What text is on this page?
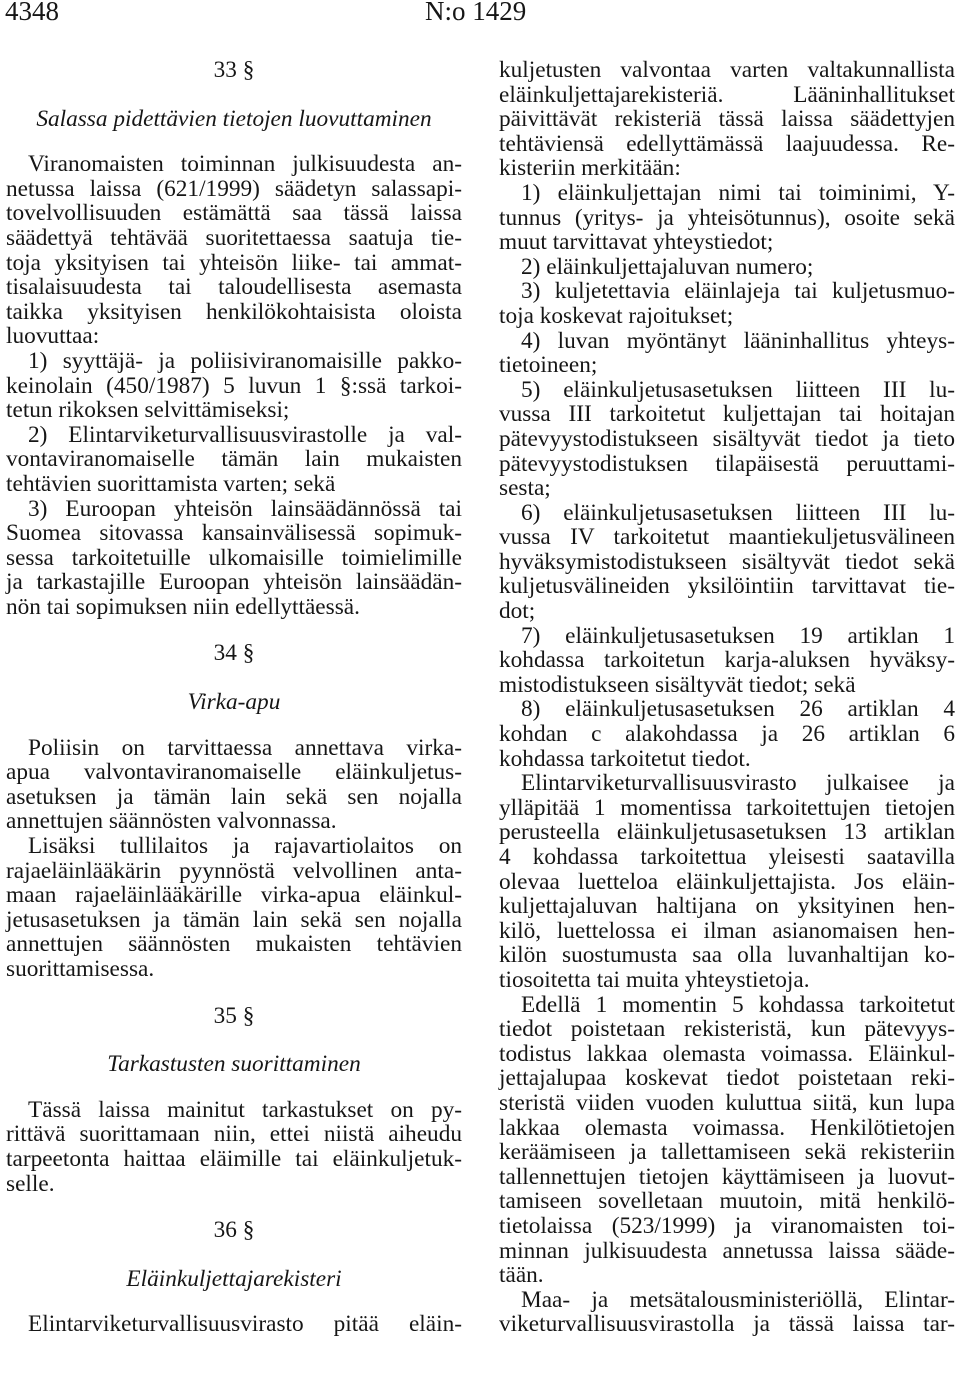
4348	N:o 1429
33 §
Salassa pidettävien tietojen luovuttaminen
Viranomaisten toiminnan julkisuudesta an-
netussa laissa (621/1999) säädetyn salassapi-
tovelvollisuuden estämättä saa tässä laissa
säädettyä tehtävää suoritettaessa saatuja tie-
toja yksityisen tai yhteisön liike- tai ammat-
tisalaisuudesta tai taloudellisesta asemasta
taikka yksityisen henkilökohtaisista oloista
luovuttaa:
1) syyttäjä- ja poliisiviranomaisille pakko-
keinolain (450/1987) 5 luvun 1 §:ssä tarkoi-
tetun rikoksen selvittämiseksi;
2) Elintarviketurvallisuusvirastolle ja val-
vontaviranomaiselle tämän lain mukaisten
tehtävien suorittamista varten; sekä
3) Euroopan yhteisön lainsäädännössä tai
Suomea sitovassa kansainvälisessä sopimuk-
sessa tarkoitetuille ulkomaisille toimielimille
ja tarkastajille Euroopan yhteisön lainsäädän-
nön tai sopimuksen niin edellyttäessä.
34 §
Virka-apu
Poliisin on tarvittaessa annettava virka-
apua valvontaviranomaiselle eläinkuljetus-
asetuksen ja tämän lain sekä sen nojalla
annettujen säännösten valvonnassa.
Lisäksi tullilaitos ja rajavartiolaitos on
rajaeläinlääkärin pyynnöstä velvollinen anta-
maan rajaeläinlääkärille virka-apua eläinkul-
jetusasetuksen ja tämän lain sekä sen nojalla
annettujen säännösten mukaisten tehtävien
suorittamisessa.
35 §
Tarkastusten suorittaminen
Tässä laissa mainitut tarkastukset on py-
rittävä suorittamaan niin, ettei niistä aiheudu
tarpeetonta haittaa eläimille tai eläinkuljetuk-
selle.
36 §
Eläinkuljettajarekisteri
Elintarviketurvallisuusvirasto pitää eläin-
kuljetusten valvontaa varten valtakunnallista
eläinkuljettajarekisteriä. Lääninhallitukset
päivittävät rekisteriä tässä laissa säädettyjen
tehtäviensä edellyttämässä laajuudessa. Re-
kisteriin merkitään:
1) eläinkuljettajan nimi tai toiminimi, Y-
tunnus (yritys- ja yhteisötunnus), osoite sekä
muut tarvittavat yhteystiedot;
2) eläinkuljettajaluvan numero;
3) kuljetettavia eläinlajeja tai kuljetusmuo-
toja koskevat rajoitukset;
4) luvan myöntänyt lääninhallitus yhteys-
tietoineen;
5) eläinkuljetusasetuksen liitteen III lu-
vussa III tarkoitetut kuljettajan tai hoitajan
pätevyystodistukseen sisältyvät tiedot ja tieto
pätevyystodistuksen tilapäisestä peruuttami-
sesta;
6) eläinkuljetusasetuksen liitteen III lu-
vussa IV tarkoitetut maantiekuljetusvälineen
hyväksymistodistukseen sisältyvät tiedot sekä
kuljetusvälineiden yksilöintiin tarvittavat tie-
dot;
7) eläinkuljetusasetuksen 19 artiklan 1
kohdassa tarkoitetun karja-aluksen hyväksy-
mistodistukseen sisältyvät tiedot; sekä
8) eläinkuljetusasetuksen 26 artiklan 4
kohdan c alakohdassa ja 26 artiklan 6
kohdassa tarkoitetut tiedot.
Elintarviketurvallisuusvirasto julkaisee ja
ylläpitää 1 momentissa tarkoitettujen tietojen
perusteella eläinkuljetusasetuksen 13 artiklan
4 kohdassa tarkoitettua yleisesti saatavilla
olevaa luetteloa eläinkuljettajista. Jos eläin-
kuljettajaluvan haltijana on yksityinen hen-
kilö, luettelossa ei ilman asianomaisen hen-
kilön suostumusta saa olla luvanhaltijan ko-
tiosoitetta tai muita yhteystietoja.
Edellä 1 momentin 5 kohdassa tarkoitetut
tiedot poistetaan rekisteristä, kun pätevyys-
todistus lakkaa olemasta voimassa. Eläinkul-
jettajalupaa koskevat tiedot poistetaan reki-
steristä viiden vuoden kuluttua siitä, kun lupa
lakkaa olemasta voimassa. Henkilötietojen
keräämiseen ja tallettamiseen sekä rekisteriin
tallennettujen tietojen käyttämiseen ja luovut-
tamiseen sovelletaan muutoin, mitä henkilö-
tietolaissa (523/1999) ja viranomaisten toi-
minnan julkisuudesta annetussa laissa sääde-
tään.
Maa- ja metsätalousministeriöllä, Elintar-
viketurvallisuusvirastolla ja tässä laissa tar-
